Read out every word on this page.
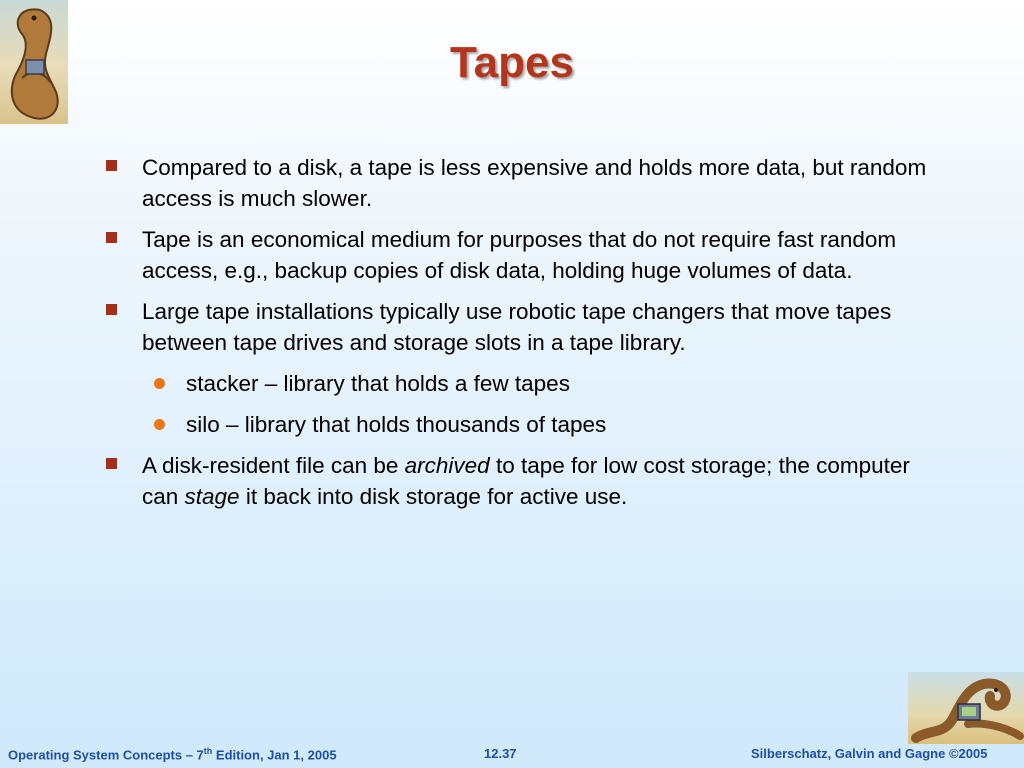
Tapes
Compared to a disk, a tape is less expensive and holds more data, but random access is much slower.
Tape is an economical medium for purposes that do not require fast random access, e.g., backup copies of disk data, holding huge volumes of data.
Large tape installations typically use robotic tape changers that move tapes between tape drives and storage slots in a tape library.
stacker – library that holds a few tapes
silo – library that holds thousands of tapes
A disk-resident file can be archived to tape for low cost storage; the computer can stage it back into disk storage for active use.
Operating System Concepts – 7th Edition, Jan 1, 2005	12.37	Silberschatz, Galvin and Gagne ©2005
